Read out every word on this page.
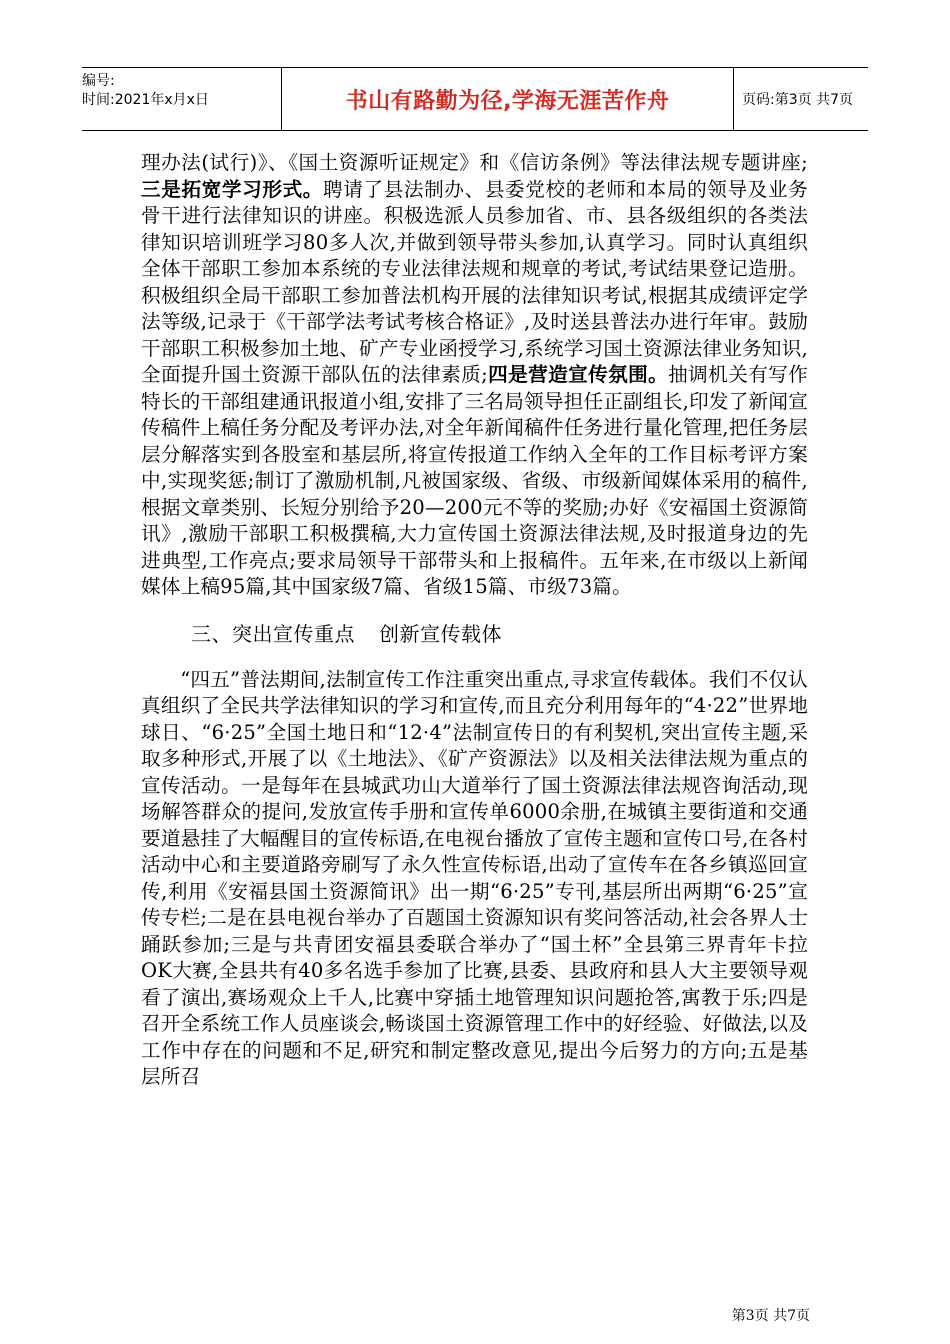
编号:
时间:2021年x月x日	书山有路勤为径,学海无涯苦作舟	页码:第3页 共7页

理办法(试行)》、《国土资源听证规定》和《信访条例》等法律法规专题讲座;三是拓宽学习形式。聘请了县法制办、县委党校的老师和本局的领导及业务骨干进行法律知识的讲座。积极选派人员参加省、市、县各级组织的各类法律知识培训班学习80多人次,并做到领导带头参加,认真学习。同时认真组织全体干部职工参加本系统的专业法律法规和规章的考试,考试结果登记造册。积极组织全局干部职工参加普法机构开展的法律知识考试,根据其成绩评定学法等级,记录于《干部学法考试考核合格证》,及时送县普法办进行年审。鼓励干部职工积极参加土地、矿产专业函授学习,系统学习国土资源法律业务知识,全面提升国土资源干部队伍的法律素质;四是营造宣传氛围。抽调机关有写作特长的干部组建通讯报道小组,安排了三名局领导担任正副组长,印发了新闻宣传稿件上稿任务分配及考评办法,对全年新闻稿件任务进行量化管理,把任务层层分解落实到各股室和基层所,将宣传报道工作纳入全年的工作目标考评方案中,实现奖惩;制订了激励机制,凡被国家级、省级、市级新闻媒体采用的稿件,根据文章类别、长短分别给予20—200元不等的奖励;办好《安福国土资源简讯》,激励干部职工积极撰稿,大力宣传国土资源法律法规,及时报道身边的先进典型,工作亮点;要求局领导干部带头和上报稿件。五年来,在市级以上新闻媒体上稿95篇,其中国家级7篇、省级15篇、市级73篇。

三、突出宣传重点 创新宣传载体

“四五”普法期间,法制宣传工作注重突出重点,寻求宣传载体。我们不仅认真组织了全民共学法律知识的学习和宣传,而且充分利用每年的“4·22”世界地球日、“6·25”全国土地日和“12·4”法制宣传日的有利契机,突出宣传主题,采取多种形式,开展了以《土地法》、《矿产资源法》以及相关法律法规为重点的宣传活动。一是每年在县城武功山大道举行了国土资源法律法规咨询活动,现场解答群众的提问,发放宣传手册和宣传单6000余册,在城镇主要街道和交通要道悬挂了大幅醒目的宣传标语,在电视台播放了宣传主题和宣传口号,在各村活动中心和主要道路旁刷写了永久性宣传标语,出动了宣传车在各乡镇巡回宣传,利用《安福县国土资源简讯》出一期“6·25”专刊,基层所出两期“6·25”宣传专栏;二是在县电视台举办了百题国土资源知识有奖问答活动,社会各界人士踊跃参加;三是与共青团安福县委联合举办了“国土杯”全县第三界青年卡拉OK大赛,全县共有40多名选手参加了比赛,县委、县政府和县人大主要领导观看了演出,赛场观众上千人,比赛中穿插土地管理知识问题抢答,寓教于乐;四是召开全系统工作人员座谈会,畅谈国土资源管理工作中的好经验、好做法,以及工作中存在的问题和不足,研究和制定整改意见,提出今后努力的方向;五是基层所召

第3页 共7页
